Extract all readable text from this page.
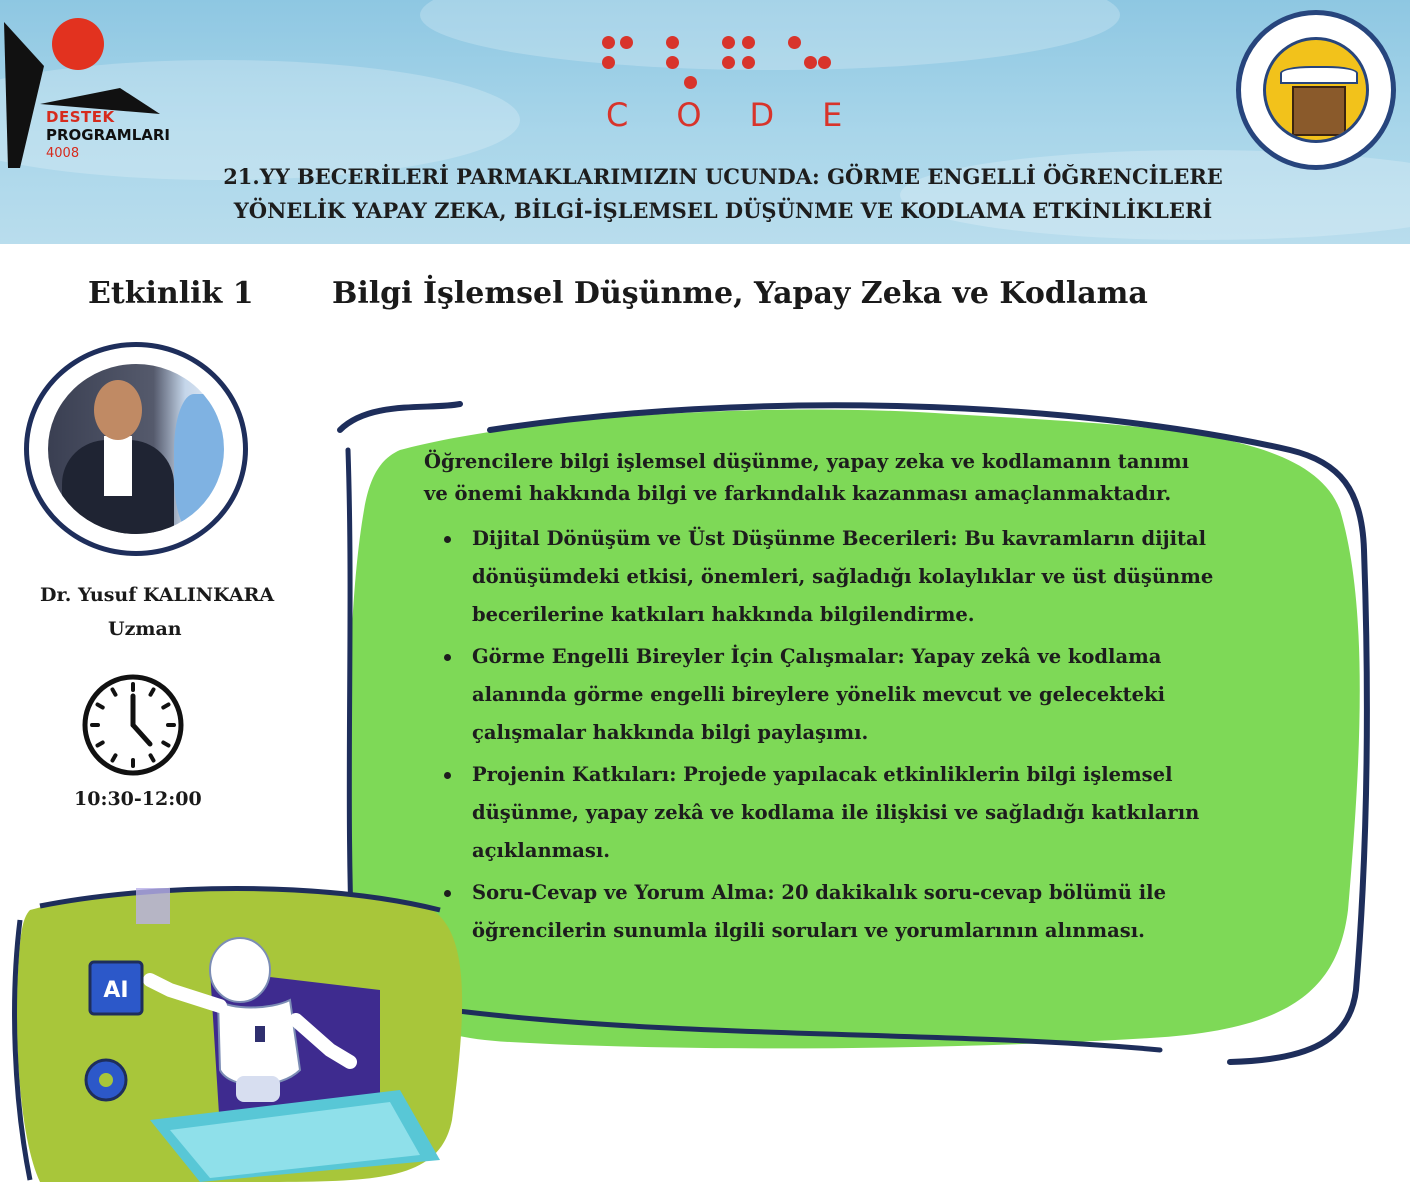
DESTEK
PROGRAMLARI
4008
CODE
21.YY BECERİLERİ PARMAKLARIMIZIN UCUNDA: GÖRME ENGELLİ ÖĞRENCİLERE
YÖNELİK YAPAY ZEKA, BİLGİ-İŞLEMSEL DÜŞÜNME VE KODLAMA ETKİNLİKLERİ
Etkinlik 1	Bilgi İşlemsel Düşünme, Yapay Zeka ve Kodlama
Dr. Yusuf KALINKARA
Uzman
10:30-12:00
Öğrencilere bilgi işlemsel düşünme, yapay zeka ve kodlamanın tanımı
ve önemi hakkında bilgi ve farkındalık kazanması amaçlanmaktadır.
Dijital Dönüşüm ve Üst Düşünme Becerileri: Bu kavramların dijital
dönüşümdeki etkisi, önemleri, sağladığı kolaylıklar ve üst düşünme
becerilerine katkıları hakkında bilgilendirme.
Görme Engelli Bireyler İçin Çalışmalar: Yapay zekâ ve kodlama
alanında görme engelli bireylere yönelik mevcut ve gelecekteki
çalışmalar hakkında bilgi paylaşımı.
Projenin Katkıları: Projede yapılacak etkinliklerin bilgi işlemsel
düşünme, yapay zekâ ve kodlama ile ilişkisi ve sağladığı katkıların
açıklanması.
Soru-Cevap ve Yorum Alma: 20 dakikalık soru-cevap bölümü ile
öğrencilerin sunumla ilgili soruları ve yorumlarının alınması.
AI
